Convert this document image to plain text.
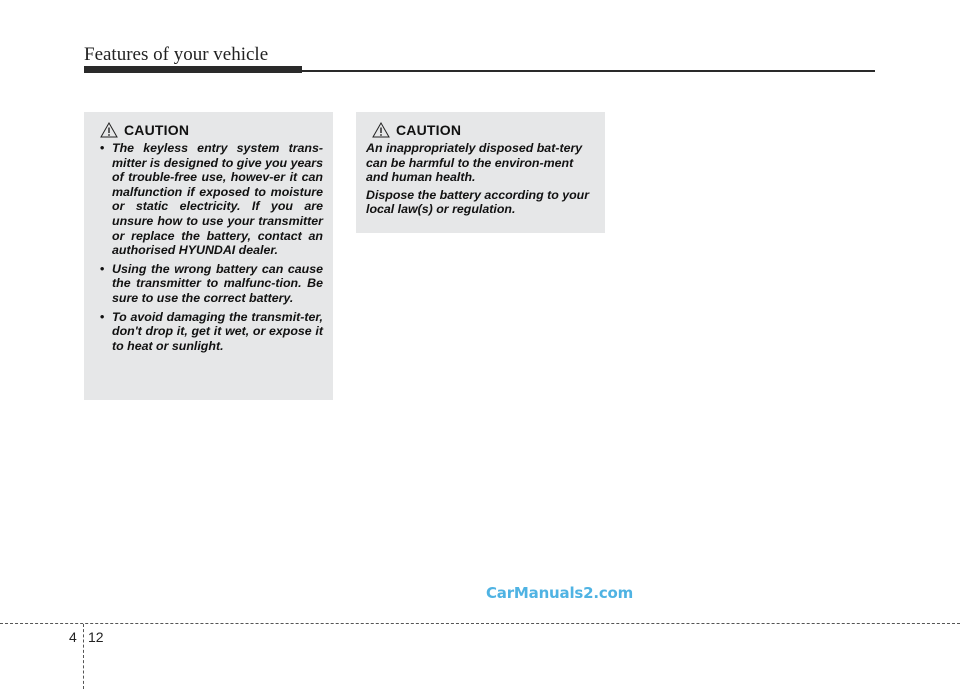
Features of your vehicle
CAUTION
• The keyless entry system trans-mitter is designed to give you years of trouble-free use, howev-er it can malfunction if exposed to moisture or static electricity. If you are unsure how to use your transmitter or replace the battery, contact an authorised HYUNDAI dealer.
• Using the wrong battery can cause the transmitter to malfunc-tion. Be sure to use the correct battery.
• To avoid damaging the transmit-ter, don't drop it, get it wet, or expose it to heat or sunlight.
CAUTION

An inappropriately disposed bat-tery can be harmful to the environ-ment and human health.

Dispose the battery according to your local law(s) or regulation.

CarManuals2.com
4 12
